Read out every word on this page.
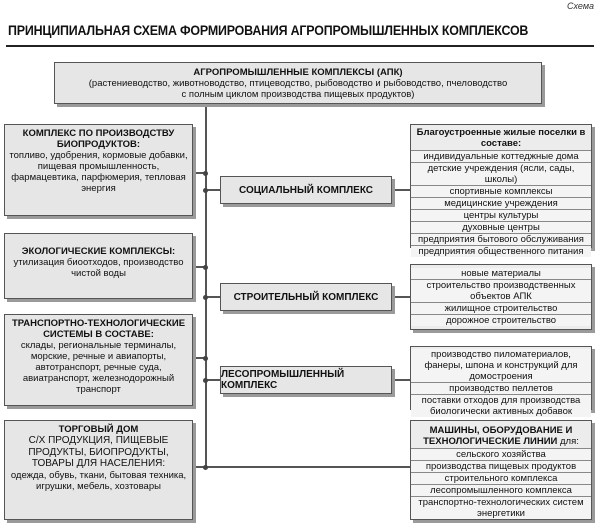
Схема
ПРИНЦИПИАЛЬНАЯ СХЕМА ФОРМИРОВАНИЯ АГРОПРОМЫШЛЕННЫХ КОМПЛЕКСОВ
АГРОПРОМЫШЛЕННЫЕ КОМПЛЕКСЫ (АПК)
(растениеводство, животноводство, птицеводство, рыбоводство и рыбоводство, пчеловодство
с полным циклом производства пищевых продуктов)
КОМПЛЕКС ПО ПРОИЗВОДСТВУ БИОПРОДУКТОВ:
топливо, удобрения, кормовые добавки, пищевая промышленность, фармацевтика, парфюмерия, тепловая энергия
ЭКОЛОГИЧЕСКИЕ КОМПЛЕКСЫ:
утилизация биоотходов, производство чистой воды
ТРАНСПОРТНО-ТЕХНОЛОГИЧЕСКИЕ СИСТЕМЫ В СОСТАВЕ:
склады, региональные терминалы, морские, речные и авиапорты, автотранспорт, речные суда, авиатранспорт, железнодорожный транспорт
ТОРГОВЫЙ ДОМ
С/Х ПРОДУКЦИЯ, ПИЩЕВЫЕ ПРОДУКТЫ, БИОПРОДУКТЫ, ТОВАРЫ ДЛЯ НАСЕЛЕНИЯ:
одежда, обувь, ткани, бытовая техника, игрушки, мебель, хозтовары
СОЦИАЛЬНЫЙ КОМПЛЕКС
СТРОИТЕЛЬНЫЙ КОМПЛЕКС
ЛЕСОПРОМЫШЛЕННЫЙ КОМПЛЕКС
Благоустроенные жилые поселки в составе:
индивидуальные коттеджные дома
детские учреждения (ясли, сады, школы)
спортивные комплексы
медицинские учреждения
центры культуры
духовные центры
предприятия бытового обслуживания
предприятия общественного питания
новые материалы
строительство производственных объектов АПК
жилищное строительство
дорожное строительство
производство пиломатериалов, фанеры, шпона и конструкций для домостроения
производство пеллетов
поставки отходов для производства биологически активных добавок
МАШИНЫ, ОБОРУДОВАНИЕ И ТЕХНОЛОГИЧЕСКИЕ ЛИНИИ для:
сельского хозяйства
производства пищевых продуктов
строительного комплекса
лесопромышленного комплекса
транспортно-технологических систем энергетики
